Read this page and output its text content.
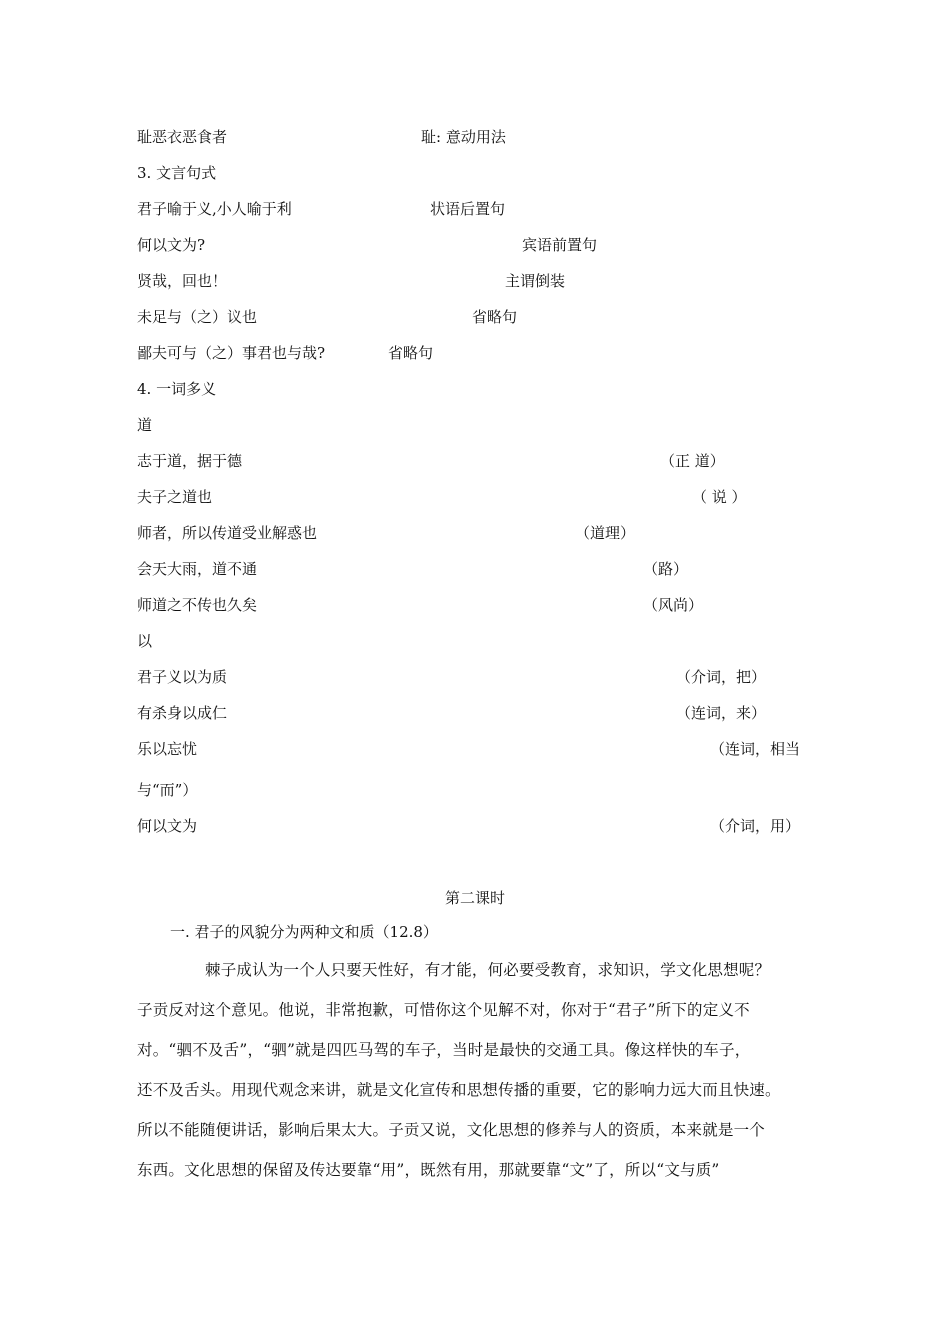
耻恶衣恶食者	耻: 意动用法
3. 文言句式
君子喻于义,小人喻于利	状语后置句
何以文为?	宾语前置句
贤哉，回也！	主谓倒装
未足与（之）议也	省略句
鄙夫可与（之）事君也与哉?	省略句
4. 一词多义
道
志于道，据于德	（正 道）
夫子之道也	（ 说 ）
师者，所以传道受业解惑也	（道理）
会天大雨，道不通	（路）
师道之不传也久矣	（风尚）
以
君子义以为质	（介词，把）
有杀身以成仁	（连词，来）
乐以忘忧	（连词，相当
与“而”）
何以文为	（介词，用）
第二课时
一. 君子的风貌分为两种文和质（12.8）
棘子成认为一个人只要天性好，有才能，何必要受教育，求知识，学文化思想呢？
子贡反对这个意见。他说，非常抱歉，可惜你这个见解不对，你对于“君子”所下的定义不
对。“驷不及舌”，“驷”就是四匹马驾的车子，当时是最快的交通工具。像这样快的车子，
还不及舌头。用现代观念来讲，就是文化宣传和思想传播的重要，它的影响力远大而且快速。
所以不能随便讲话，影响后果太大。子贡又说，文化思想的修养与人的资质，本来就是一个
东西。文化思想的保留及传达要靠“用”，既然有用，那就要靠“文”了，所以“文与质”
